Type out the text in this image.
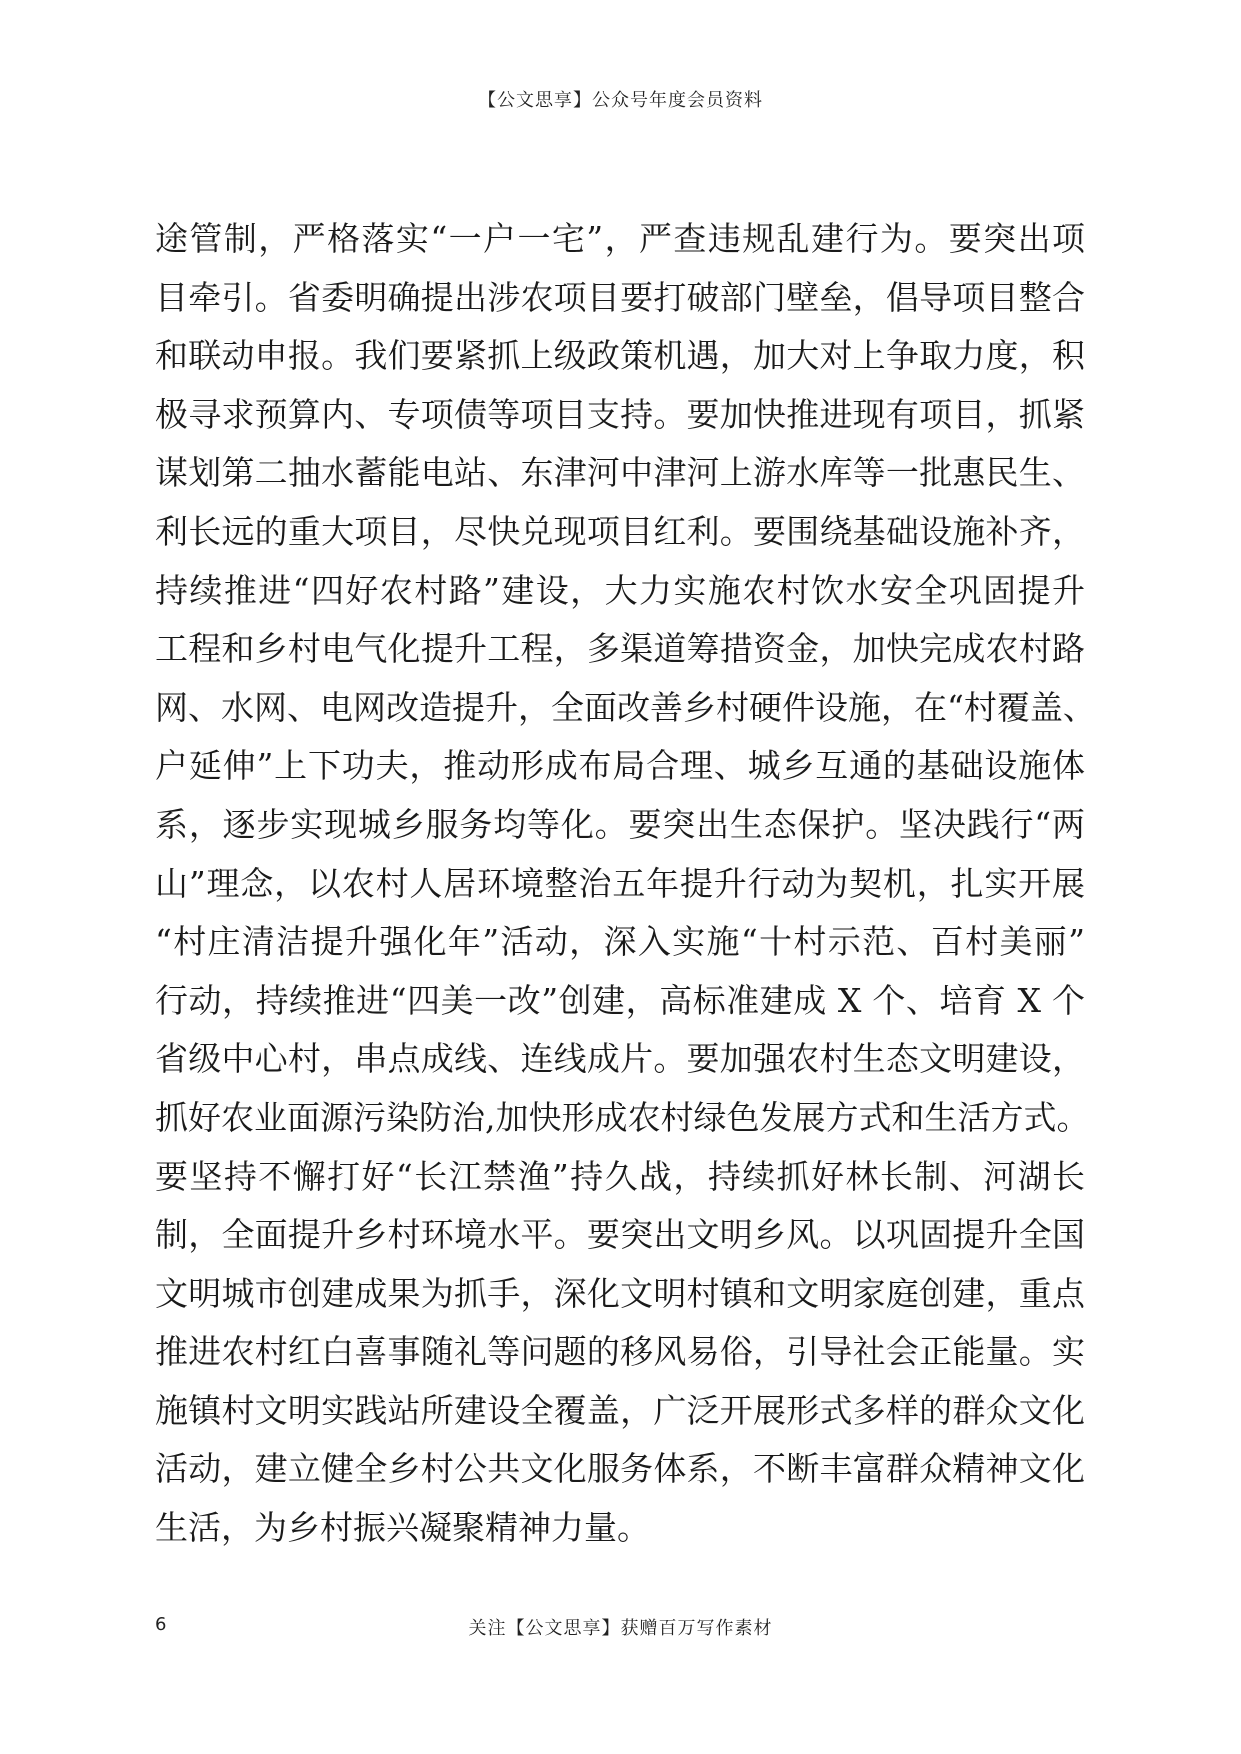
【公文思享】公众号年度会员资料
途管制，严格落实“一户一宅”，严查违规乱建行为。要突出项
目牵引。省委明确提出涉农项目要打破部门壁垒，倡导项目整合
和联动申报。我们要紧抓上级政策机遇，加大对上争取力度，积
极寻求预算内、专项债等项目支持。要加快推进现有项目，抓紧
谋划第二抽水蓄能电站、东津河中津河上游水库等一批惠民生、
利长远的重大项目，尽快兑现项目红利。要围绕基础设施补齐，
持续推进“四好农村路”建设，大力实施农村饮水安全巩固提升
工程和乡村电气化提升工程，多渠道筹措资金，加快完成农村路
网、水网、电网改造提升，全面改善乡村硬件设施，在“村覆盖、
户延伸”上下功夫，推动形成布局合理、城乡互通的基础设施体
系，逐步实现城乡服务均等化。要突出生态保护。坚决践行“两
山”理念，以农村人居环境整治五年提升行动为契机，扎实开展
“村庄清洁提升强化年”活动，深入实施“十村示范、百村美丽”
行动，持续推进“四美一改”创建，高标准建成 X 个、培育 X 个
省级中心村，串点成线、连线成片。要加强农村生态文明建设，
抓好农业面源污染防治,加快形成农村绿色发展方式和生活方式。
要坚持不懈打好“长江禁渔”持久战，持续抓好林长制、河湖长
制，全面提升乡村环境水平。要突出文明乡风。以巩固提升全国
文明城市创建成果为抓手，深化文明村镇和文明家庭创建，重点
推进农村红白喜事随礼等问题的移风易俗，引导社会正能量。实
施镇村文明实践站所建设全覆盖，广泛开展形式多样的群众文化
活动，建立健全乡村公共文化服务体系，不断丰富群众精神文化
生活，为乡村振兴凝聚精神力量。
6	关注【公文思享】获赠百万写作素材
